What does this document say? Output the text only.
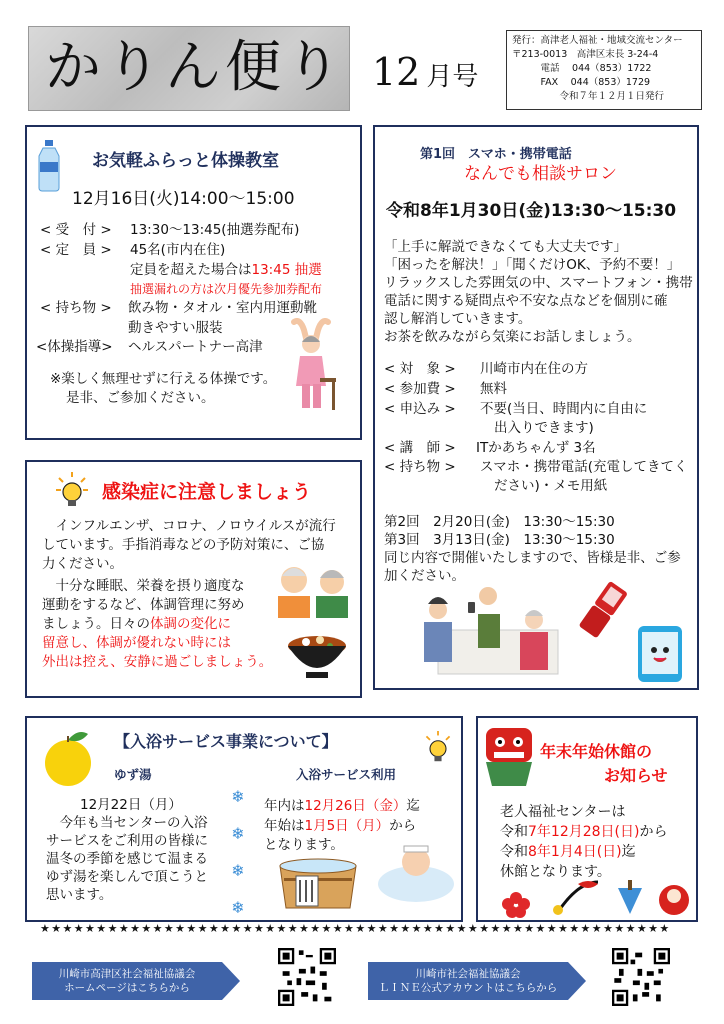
かりん便り 12 月号
発行：高津老人福祉・地域交流センター
〒213-0013　高津区末長 3-24-4
　　　電話　 044（853）1722
　　　FAX　 044（853）1729
　　　　　令和７年１２月１日発行
お気軽ふらっと体操教室
12月16日(火)14:00～15:00
< 受　付 > 13:30～13:45(抽選券配布)
< 定　員 > 45名(市内在住)
定員を超えた場合は13:45 抽選
抽選漏れの方は次月優先参加券配布
< 持ち物 > 飲み物・タオル・室内用運動靴
動きやすい服装
<体操指導> ヘルスパートナー高津
※楽しく無理せずに行える体操です。
是非、ご参加ください。
第1回　スマホ・携帯電話
なんでも相談サロン
令和8年1月30日(金)13:30～15:30
「上手に解説できなくても大丈夫です」
「困ったを解決！」「聞くだけOK、予約不要！」
リラックスした雰囲気の中、スマートフォン・携帯
電話に関する疑問点や不安な点などを個別に確
認し解消していきます。
お茶を飲みながら気楽にお話しましょう。
< 対　象 > 川崎市内在住の方
< 参加費 > 無料
< 申込み > 不要(当日、時間内に自由に
出入りできます)
< 講　師 > ITかあちゃんず 3名
< 持ち物 > スマホ・携帯電話(充電してきてく
ださい)・メモ用紙
第2回　2月20日(金)　13:30～15:30
第3回　3月13日(金)　13:30～15:30
同じ内容で開催いたしますので、皆様是非、ご参
加ください。
感染症に注意しましょう
　インフルエンザ、コロナ、ノロウイルスが流行
しています。手指消毒などの予防対策に、ご協
力ください。
　十分な睡眠、栄養を摂り適度な
運動をするなど、体調管理に努め
ましょう。日々の体調の変化に
留意し、体調が優れない時には
外出は控え、安静に過ごしましょう。
【入浴サービス事業について】
ゆず湯
12月22日（月）
　今年も当センターの入浴
サービスをご利用の皆様に
温冬の季節を感じて温まる
ゆず湯を楽しんで頂こうと
思います。
❄
❄
❄
❄
入浴サービス利用
年内は12月26日（金）迄
年始は1月5日（月）から
となります。
年末年始休館の
お知らせ
老人福祉センターは
令和7年12月28日(日)から
令和8年1月4日(日)迄
休館となります。
★★★★★★★★★★★★★★★★★★★★★★★★★★★★★★★★★★★★★★★★★★★★★★★★★★★★★★★★
川崎市高津区社会福祉協議会
ホームページはこちらから
川崎市社会福祉協議会
ＬＩＮＥ公式アカウントはこちらから
